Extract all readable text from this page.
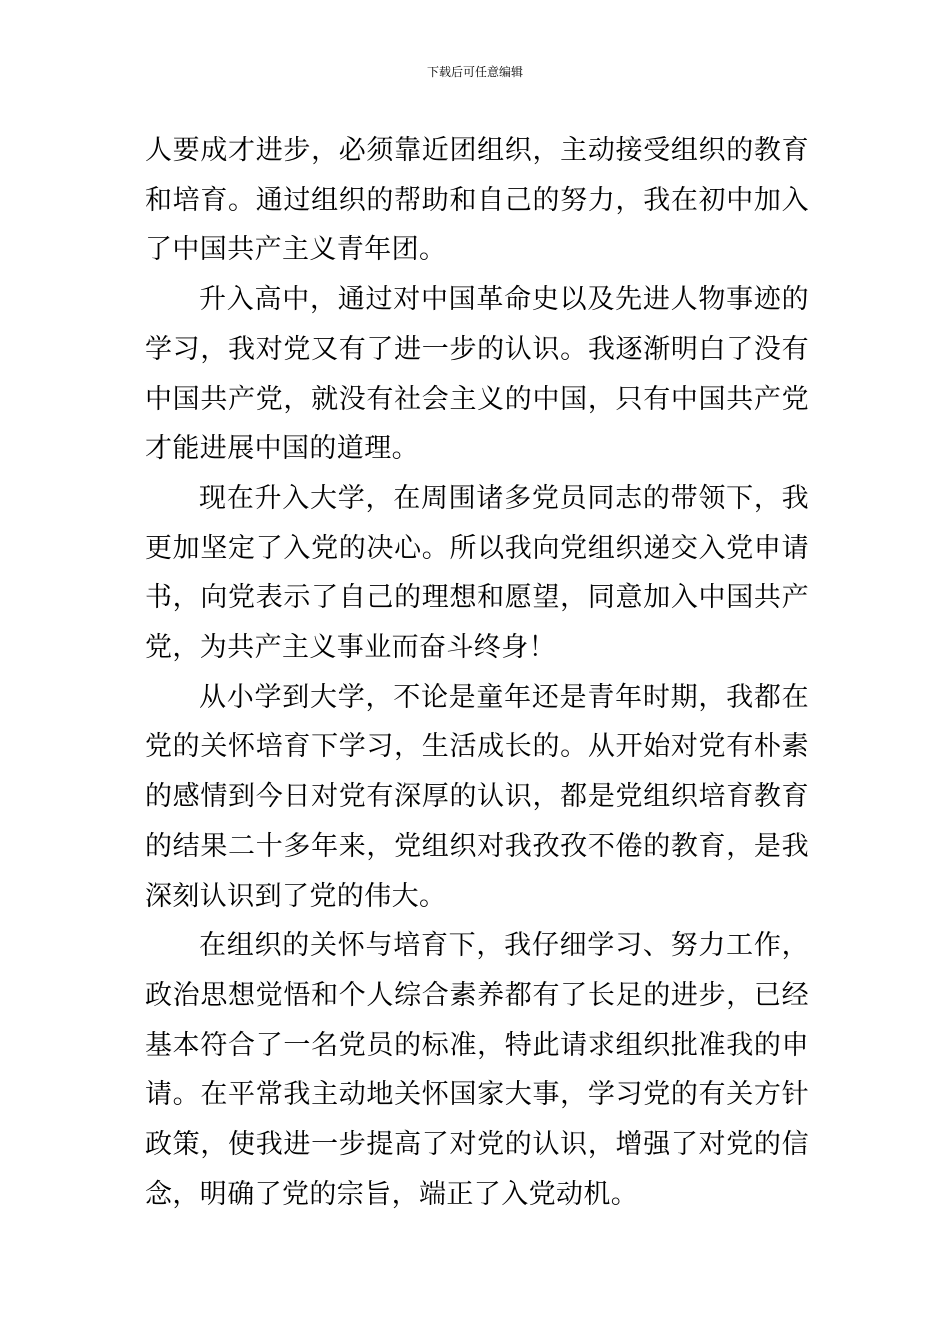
下载后可任意编辑

人要成才进步，必须靠近团组织，主动接受组织的教育和培育。通过组织的帮助和自己的努力，我在初中加入了中国共产主义青年团。

升入高中，通过对中国革命史以及先进人物事迹的学习，我对党又有了进一步的认识。我逐渐明白了没有中国共产党，就没有社会主义的中国，只有中国共产党才能进展中国的道理。

现在升入大学，在周围诸多党员同志的带领下，我更加坚定了入党的决心。所以我向党组织递交入党申请书，向党表示了自己的理想和愿望，同意加入中国共产党，为共产主义事业而奋斗终身！

从小学到大学，不论是童年还是青年时期，我都在党的关怀培育下学习，生活成长的。从开始对党有朴素的感情到今日对党有深厚的认识，都是党组织培育教育的结果二十多年来，党组织对我孜孜不倦的教育，是我深刻认识到了党的伟大。

在组织的关怀与培育下，我仔细学习、努力工作，政治思想觉悟和个人综合素养都有了长足的进步，已经基本符合了一名党员的标准，特此请求组织批准我的申请。在平常我主动地关怀国家大事，学习党的有关方针政策，使我进一步提高了对党的认识，增强了对党的信念，明确了党的宗旨，端正了入党动机。
